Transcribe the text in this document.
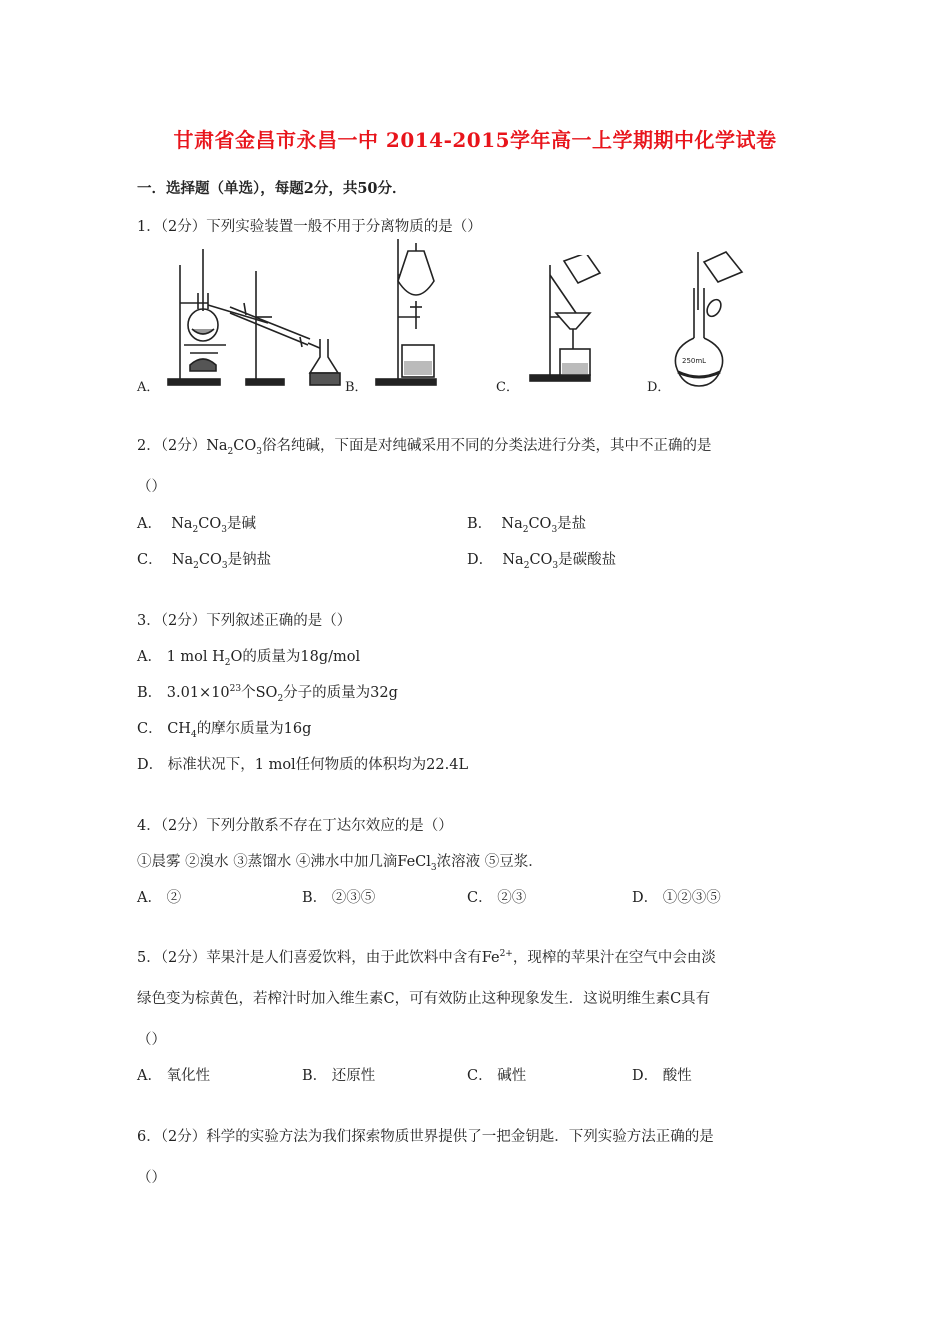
甘肃省金昌市永昌一中 2014-2015学年高一上学期期中化学试卷
一．选择题（单选），每题2分，共50分．
1．（2分）下列实验装置一般不用于分离物质的是（）
A．	B．	C．
250mL
D．
2．（2分）$Na_2CO_3$俗名纯碱，下面是对纯碱采用不同的分类法进行分类，其中不正确的是
（）
A． $Na_2CO_3$是碱	B． $Na_2CO_3$是盐
C． $Na_2CO_3$是钠盐	D． $Na_2CO_3$是碳酸盐
3．（2分）下列叙述正确的是（）
A． 1 mol $H_2O$的质量为18g/mol
B． $3.01\times 10^{23}$个$SO_2$分子的质量为32g
C． $CH_4$的摩尔质量为16g
D． 标准状况下，1 mol任何物质的体积均为22.4L
4．（2分）下列分散系不存在丁达尔效应的是（）
①晨雾 ②溴水 ③蒸馏水 ④沸水中加几滴FeCl$_3$浓溶液 ⑤豆浆．
A． ②	B． ②③⑤	C． ②③	D． ①②③⑤
5．（2分）苹果汁是人们喜爱饮料，由于此饮料中含有$Fe^{2+}$，现榨的苹果汁在空气中会由淡
绿色变为棕黄色，若榨汁时加入维生素C，可有效防止这种现象发生．这说明维生素C具有
（）
A． 氧化性	B． 还原性	C． 碱性	D． 酸性
6．（2分）科学的实验方法为我们探索物质世界提供了一把金钥匙．下列实验方法正确的是
（）
